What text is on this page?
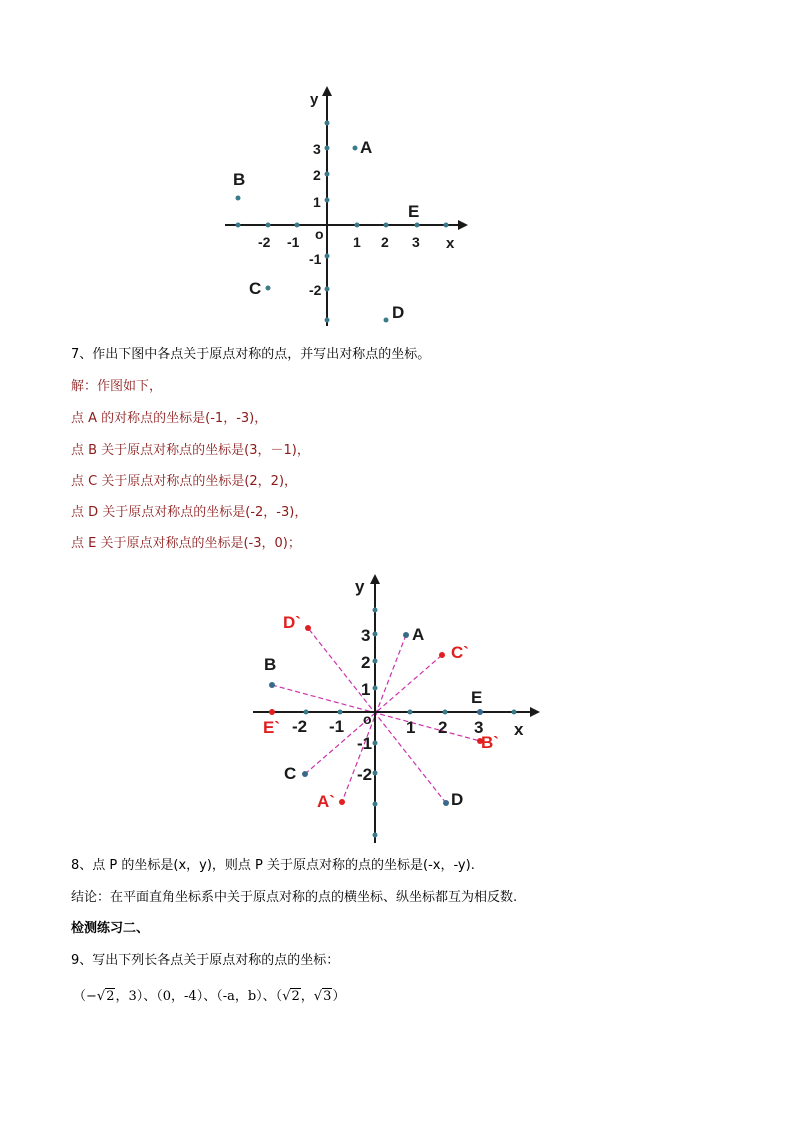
y
x
o
-2 -1	1 2 3
3
2
1
-1
-2
A
B
C
D
E
7、作出下图中各点关于原点对称的点，并写出对称点的坐标。
解：作图如下，
点 A 的对称点的坐标是(-1，-3)，
点 B 关于原点对称点的坐标是(3，－1)，
点 C 关于原点对称点的坐标是(2，2)，
点 D 关于原点对称点的坐标是(-2，-3)，
点 E 关于原点对称点的坐标是(-3，0)；
y
x
o
-2 -1	1 2 3
3
2
1
-1
-2
A
B
C
D
E
A`
B`
C`
D`
E`
8、点 P 的坐标是(x，y)，则点 P 关于原点对称的点的坐标是(-x，-y).
结论：在平面直角坐标系中关于原点对称的点的横坐标、纵坐标都互为相反数.
检测练习二、
9、写出下列长各点关于原点对称的点的坐标：
（−√2，3）、（0，-4）、（-a，b）、（√2，√3）
